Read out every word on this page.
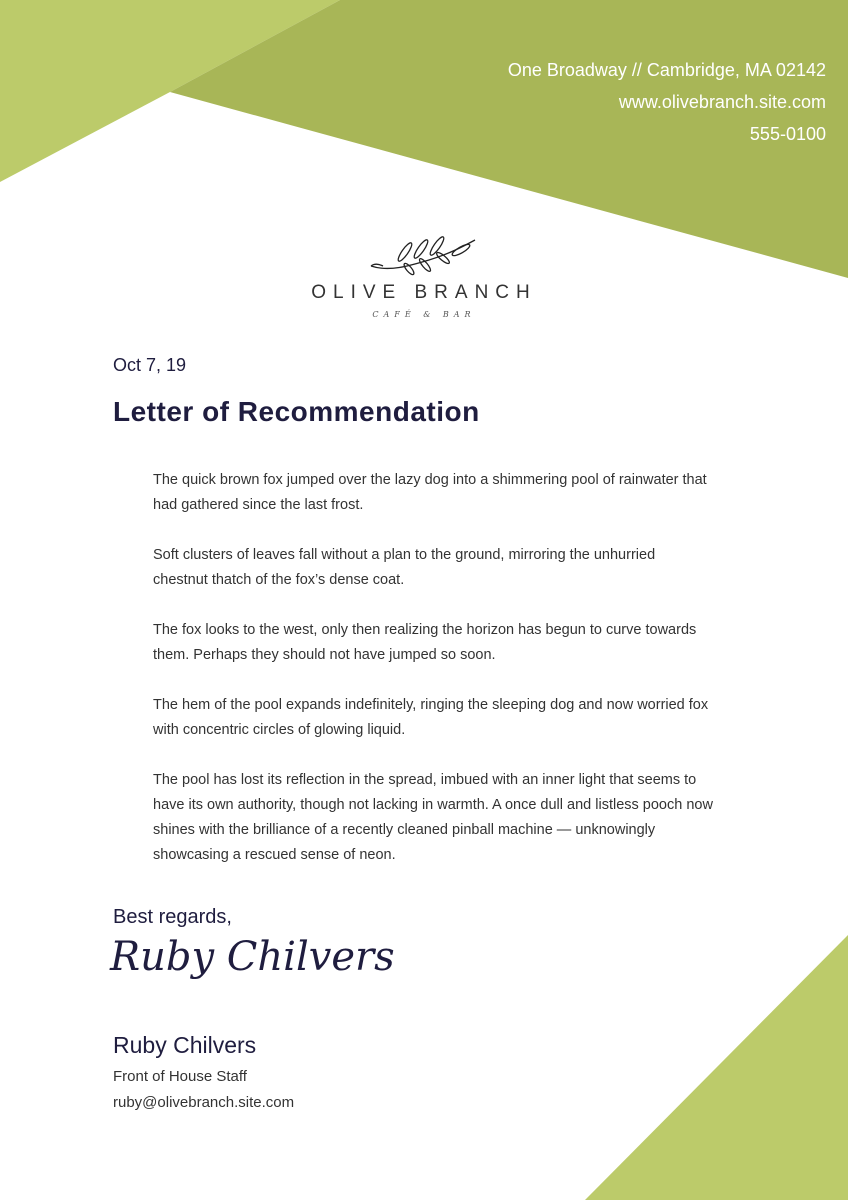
One Broadway // Cambridge, MA 02142
www.olivebranch.site.com
555-0100
OLIVE BRANCH
CAFÉ & BAR
Oct 7, 19
Letter of Recommendation

The quick brown fox jumped over the lazy dog into a shimmering pool of rainwater that had gathered since the last frost.

Soft clusters of leaves fall without a plan to the ground, mirroring the unhurried chestnut thatch of the fox’s dense coat.

The fox looks to the west, only then realizing the horizon has begun to curve towards them. Perhaps they should not have jumped so soon.

The hem of the pool expands indefinitely, ringing the sleeping dog and now worried fox with concentric circles of glowing liquid.

The pool has lost its reflection in the spread, imbued with an inner light that seems to have its own authority, though not lacking in warmth. A once dull and listless pooch now shines with the brilliance of a recently cleaned pinball machine — unknowingly showcasing a rescued sense of neon.

Best regards,
Ruby Chilvers
Ruby Chilvers
Front of House Staff
ruby@olivebranch.site.com
